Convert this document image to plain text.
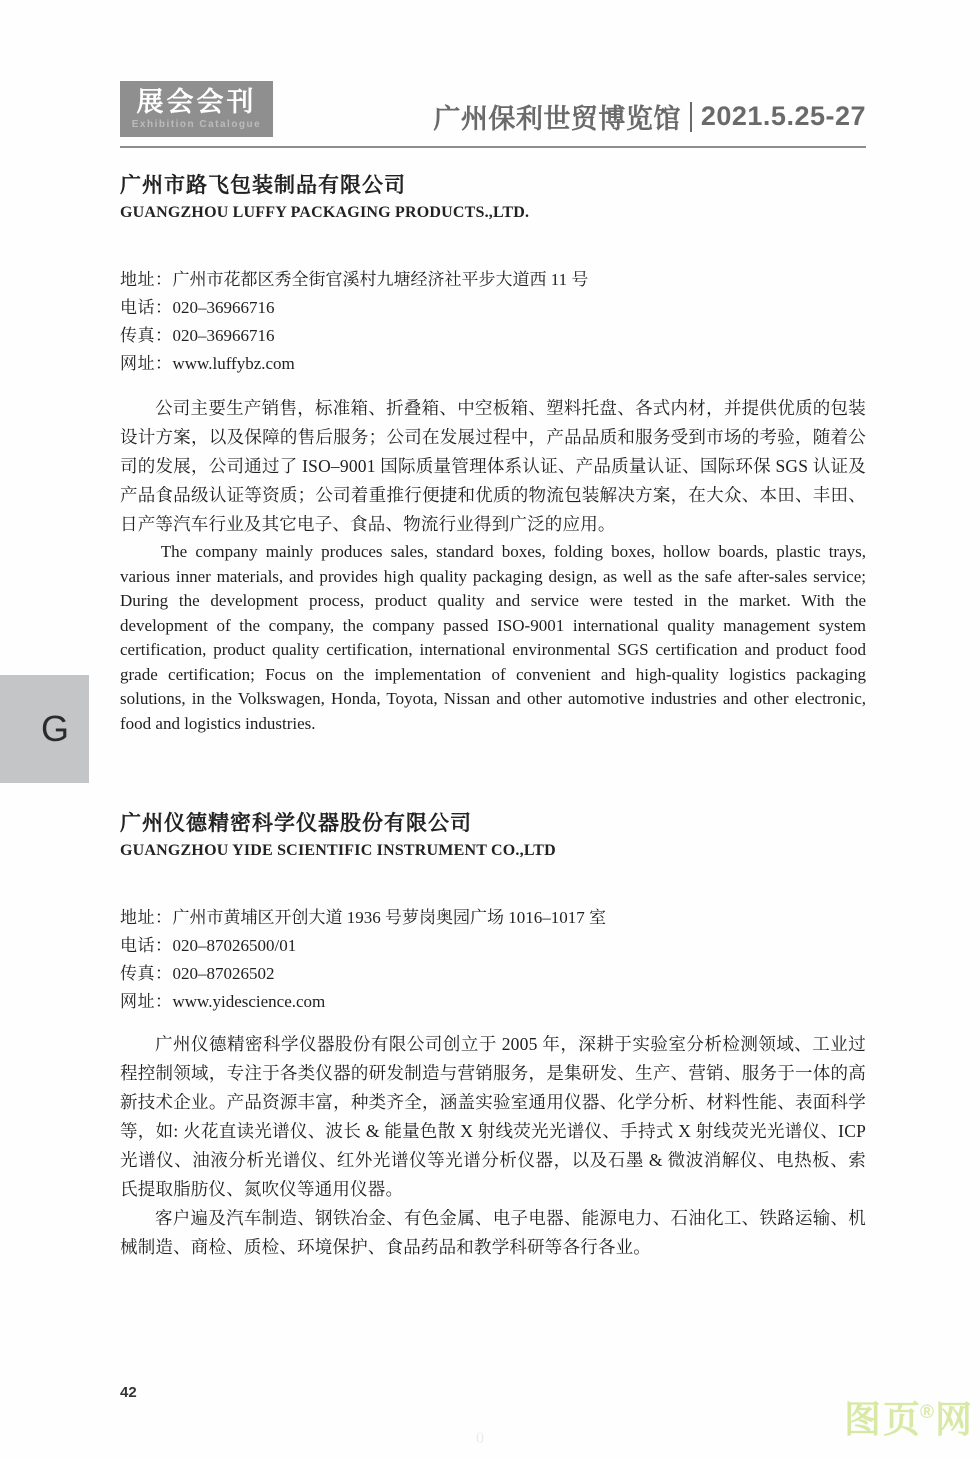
展会会刊
Exhibition Catalogue	广州保利世贸博览馆 2021.5.25-27
广州市路飞包装制品有限公司
GUANGZHOU LUFFY PACKAGING PRODUCTS.,LTD.
地址：广州市花都区秀全街官溪村九塘经济社平步大道西 11 号
电话：020–36966716
传真：020–36966716
网址：www.luffybz.com
公司主要生产销售，标准箱、折叠箱、中空板箱、塑料托盘、各式内材，并提供优质的包装设计方案，以及保障的售后服务；公司在发展过程中，产品品质和服务受到市场的考验，随着公司的发展，公司通过了 ISO–9001 国际质量管理体系认证、产品质量认证、国际环保 SGS 认证及产品食品级认证等资质；公司着重推行便捷和优质的物流包装解决方案，在大众、本田、丰田、日产等汽车行业及其它电子、食品、物流行业得到广泛的应用。
The company mainly produces sales, standard boxes, folding boxes, hollow boards, plastic trays, various inner materials, and provides high quality packaging design, as well as the safe after-sales service; During the development process, product quality and service were tested in the market. With the development of the company, the company passed ISO-9001 international quality management system certification, product quality certification, international environmental SGS certification and product food grade certification; Focus on the implementation of convenient and high-quality logistics packaging solutions, in the Volkswagen, Honda, Toyota, Nissan and other automotive industries and other electronic, food and logistics industries.
G
广州仪德精密科学仪器股份有限公司
GUANGZHOU YIDE SCIENTIFIC INSTRUMENT CO.,LTD
地址：广州市黄埔区开创大道 1936 号萝岗奥园广场 1016–1017 室
电话：020–87026500/01
传真：020–87026502
网址：www.yidescience.com
广州仪德精密科学仪器股份有限公司创立于 2005 年，深耕于实验室分析检测领域、工业过程控制领域，专注于各类仪器的研发制造与营销服务，是集研发、生产、营销、服务于一体的高新技术企业。产品资源丰富，种类齐全，涵盖实验室通用仪器、化学分析、材料性能、表面科学等，如: 火花直读光谱仪、波长 & 能量色散 X 射线荧光光谱仪、手持式 X 射线荧光光谱仪、ICP 光谱仪、油液分析光谱仪、红外光谱仪等光谱分析仪器，以及石墨 & 微波消解仪、电热板、索氏提取脂肪仪、氮吹仪等通用仪器。
客户遍及汽车制造、钢铁冶金、有色金属、电子电器、能源电力、石油化工、铁路运输、机械制造、商检、质检、环境保护、食品药品和教学科研等各行各业。
42
0	图页®网
